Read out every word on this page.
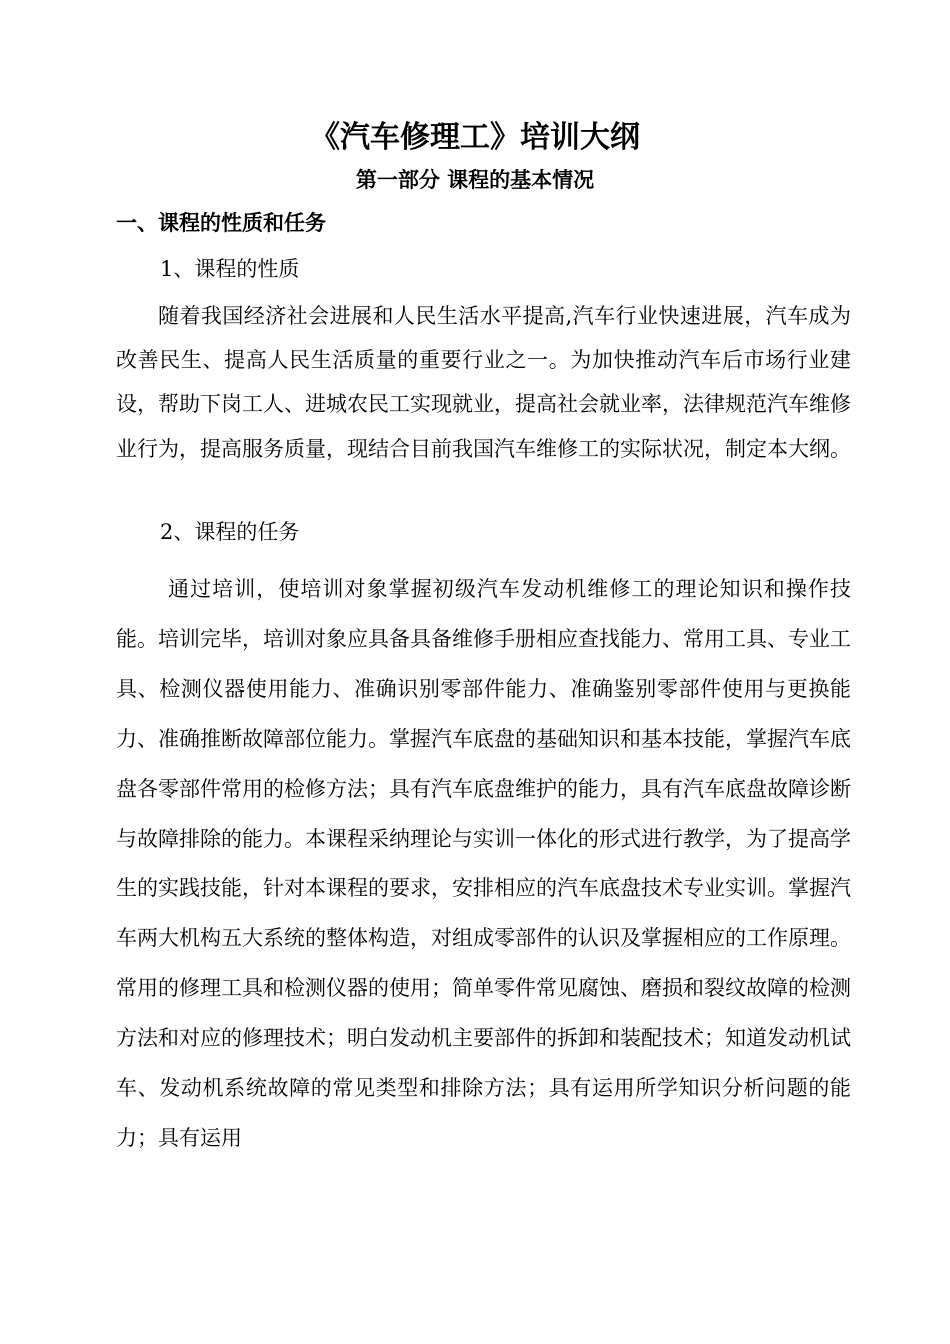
《汽车修理工》培训大纲
第一部分 课程的基本情况
一、课程的性质和任务
1、课程的性质

随着我国经济社会进展和人民生活水平提高,汽车行业快速进展，汽车成为改善民生、提高人民生活质量的重要行业之一。为加快推动汽车后市场行业建设，帮助下岗工人、进城农民工实现就业，提高社会就业率，法律规范汽车维修业行为，提高服务质量，现结合目前我国汽车维修工的实际状况，制定本大纲。

2、课程的任务

通过培训，使培训对象掌握初级汽车发动机维修工的理论知识和操作技能。培训完毕，培训对象应具备具备维修手册相应查找能力、常用工具、专业工具、检测仪器使用能力、准确识别零部件能力、准确鉴别零部件使用与更换能力、准确推断故障部位能力。掌握汽车底盘的基础知识和基本技能，掌握汽车底盘各零部件常用的检修方法；具有汽车底盘维护的能力，具有汽车底盘故障诊断与故障排除的能力。本课程采纳理论与实训一体化的形式进行教学，为了提高学生的实践技能，针对本课程的要求，安排相应的汽车底盘技术专业实训。掌握汽车两大机构五大系统的整体构造，对组成零部件的认识及掌握相应的工作原理。常用的修理工具和检测仪器的使用；简单零件常见腐蚀、磨损和裂纹故障的检测方法和对应的修理技术；明白发动机主要部件的拆卸和装配技术；知道发动机试车、发动机系统故障的常见类型和排除方法；具有运用所学知识分析问题的能力；具有运用
